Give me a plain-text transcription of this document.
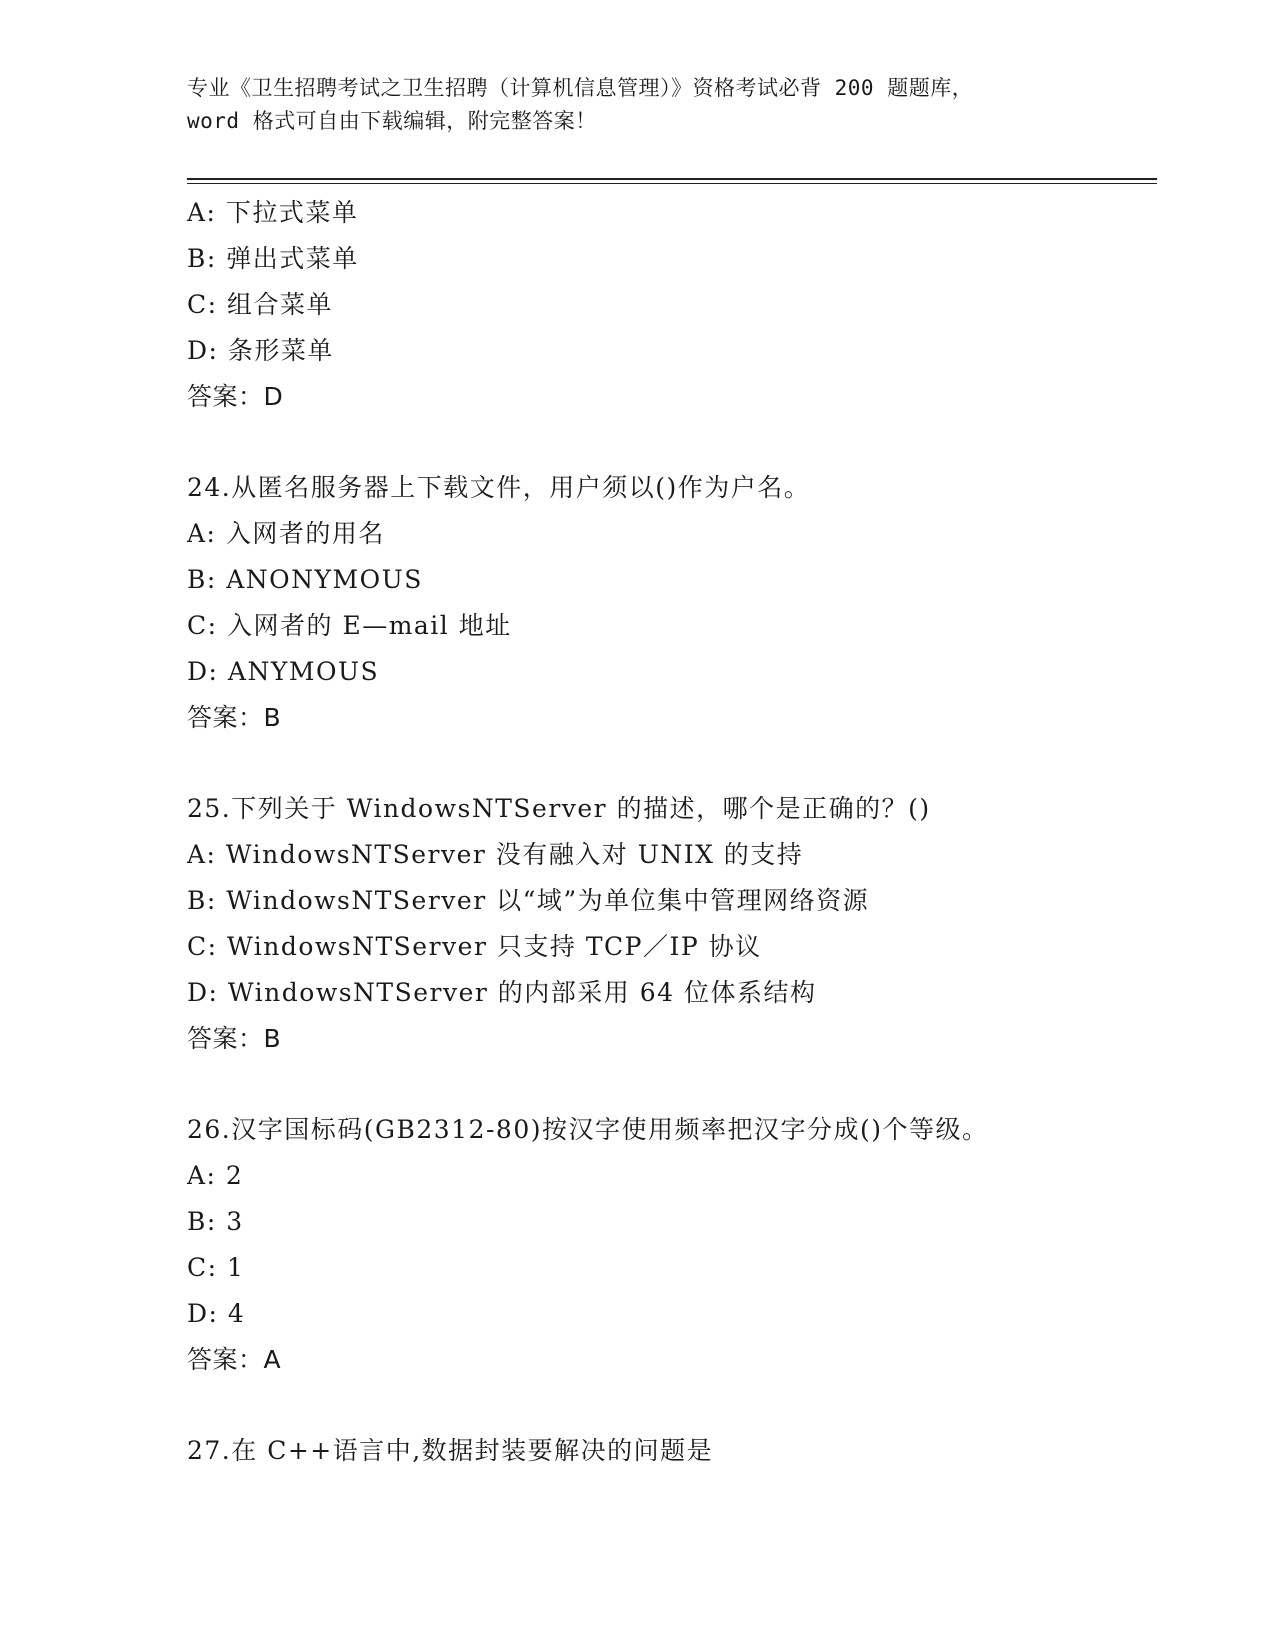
专业《卫生招聘考试之卫生招聘（计算机信息管理）》资格考试必背 200 题题库，
word 格式可自由下载编辑，附完整答案！
A: 下拉式菜单
B: 弹出式菜单
C: 组合菜单
D: 条形菜单
答案：D
24.从匿名服务器上下载文件，用户须以()作为户名。
A: 入网者的用名
B: ANONYMOUS
C: 入网者的 E—mail 地址
D: ANYMOUS
答案：B
25.下列关于 WindowsNTServer 的描述，哪个是正确的？()
A: WindowsNTServer 没有融入对 UNIX 的支持
B: WindowsNTServer 以“域”为单位集中管理网络资源
C: WindowsNTServer 只支持 TCP／IP 协议
D: WindowsNTServer 的内部采用 64 位体系结构
答案：B
26.汉字国标码(GB2312-80)按汉字使用频率把汉字分成()个等级。
A: 2
B: 3
C: 1
D: 4
答案：A
27.在 C++语言中,数据封装要解决的问题是
